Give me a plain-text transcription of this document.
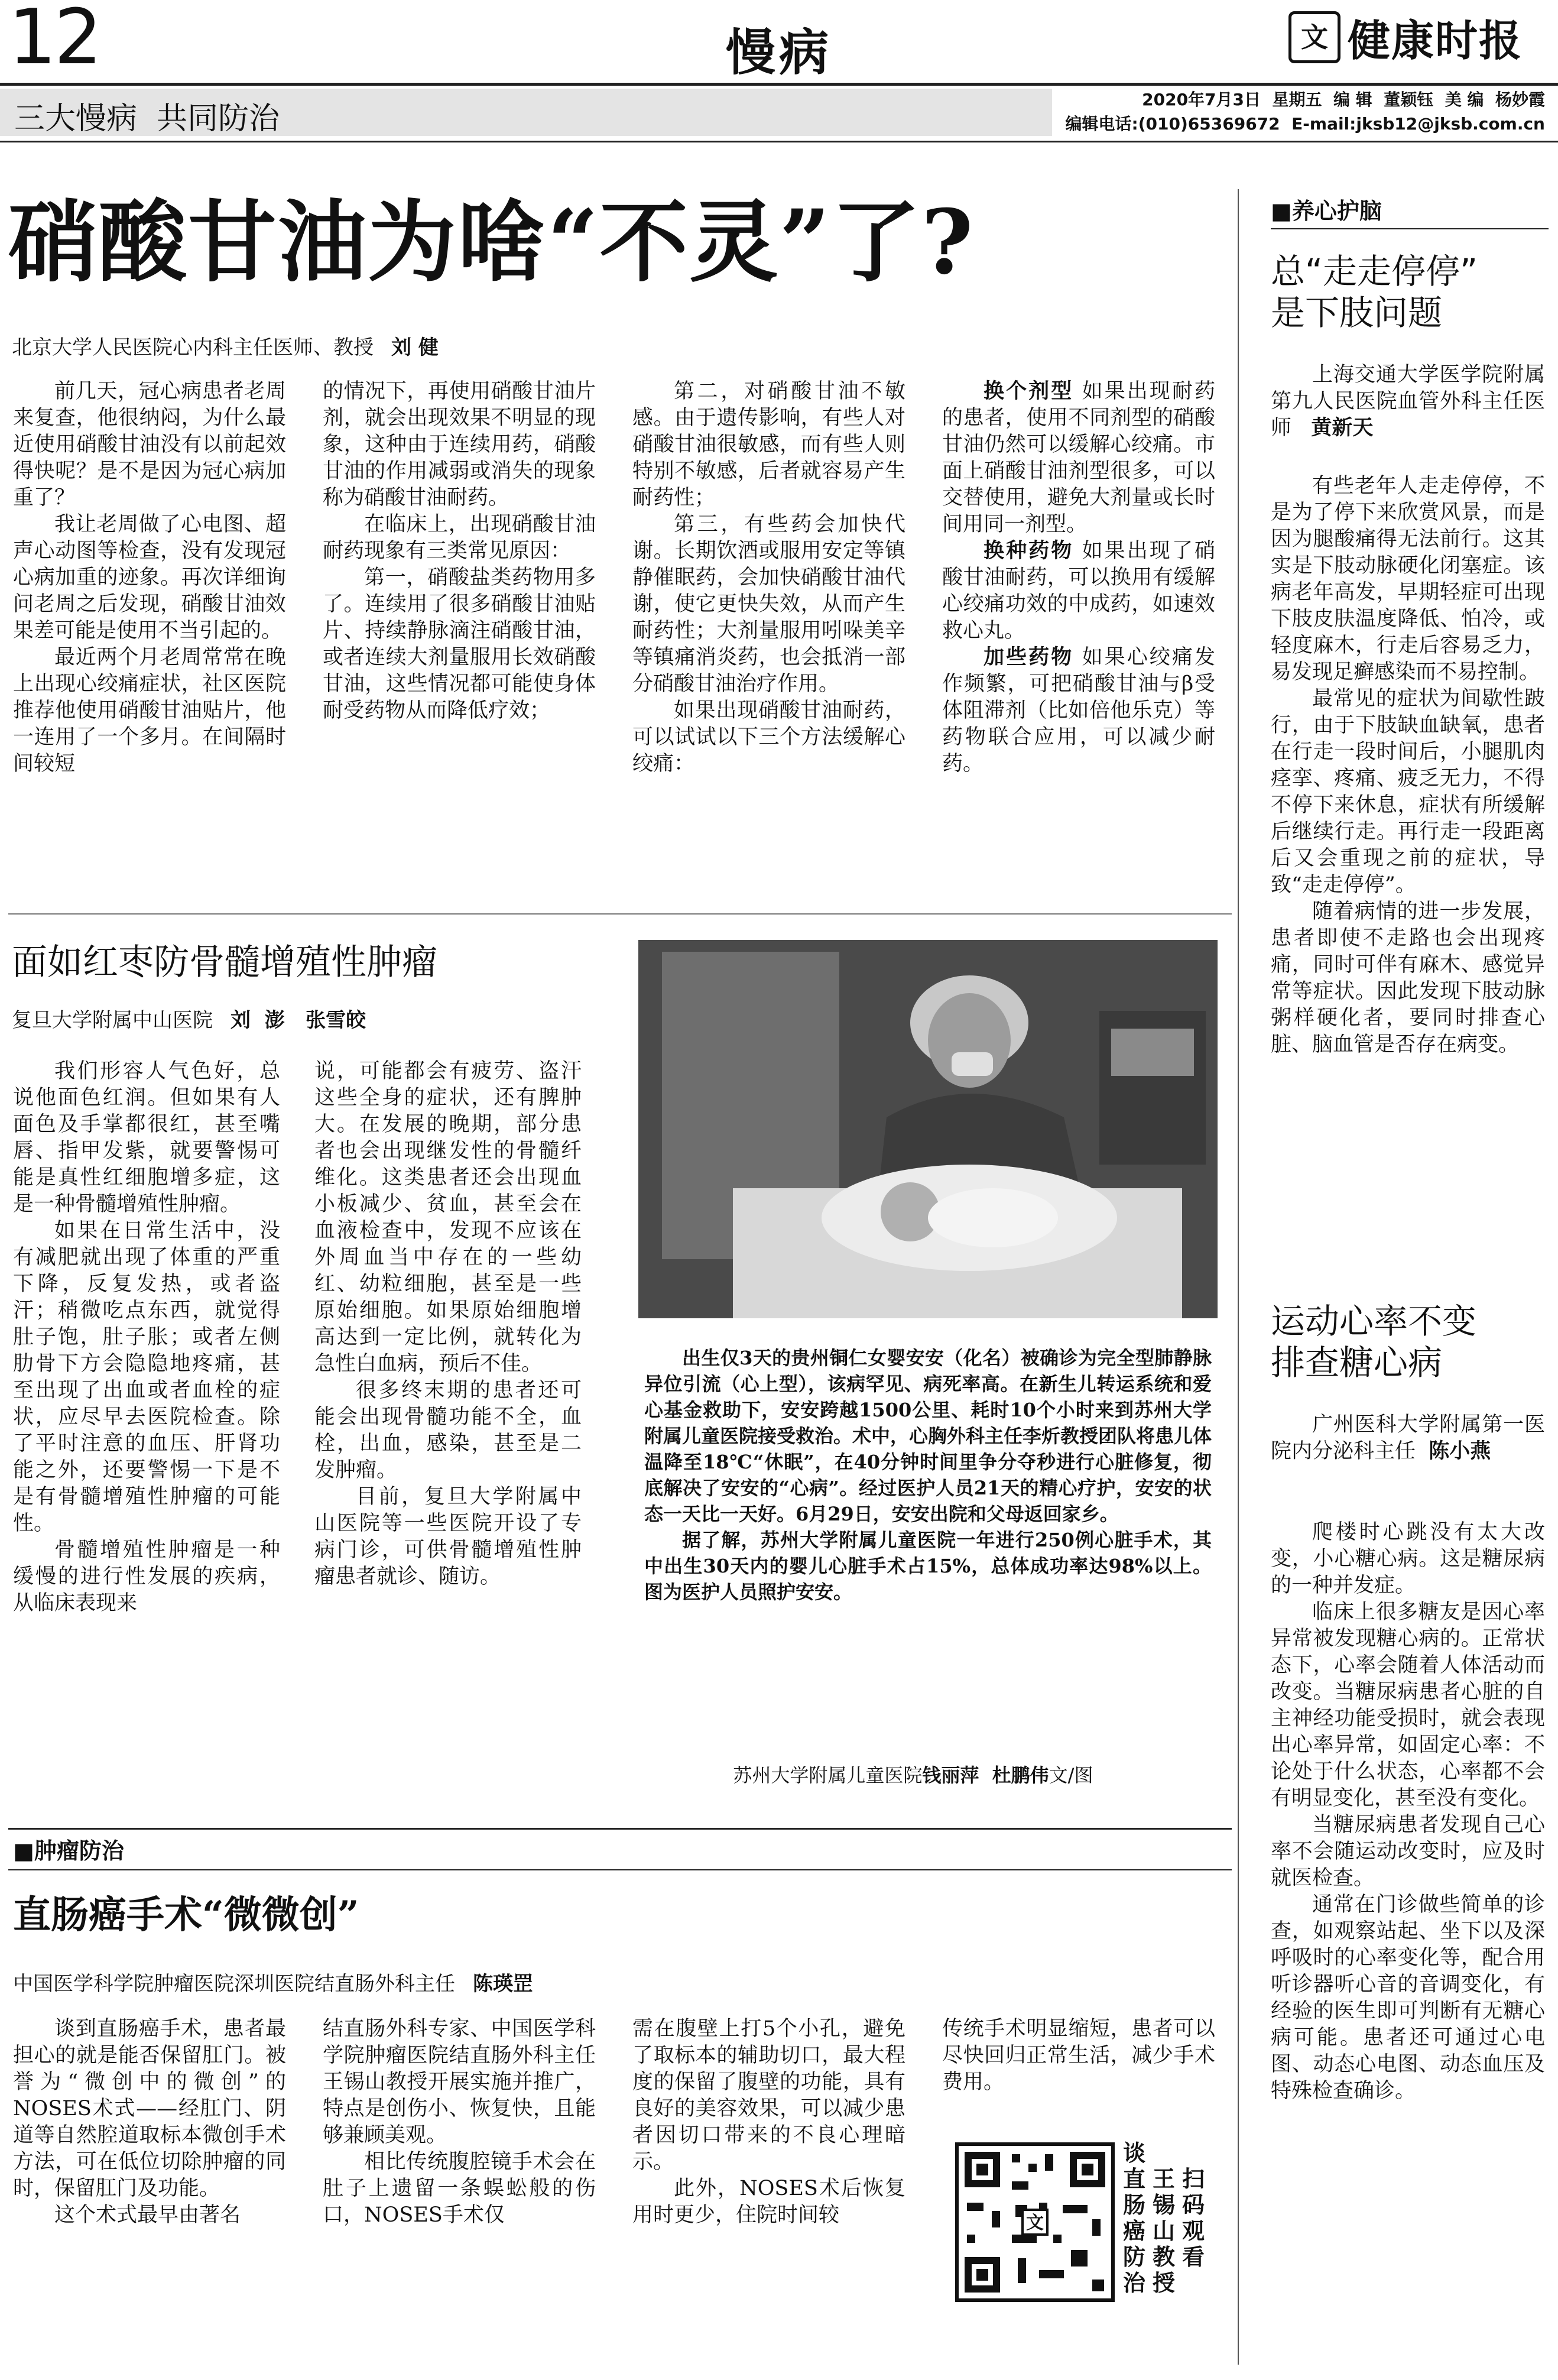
12	慢病	文 健康时报
三大慢病  共同防治
2020年7月3日  星期五  编 辑  董颖钰  美 编  杨妙霞
编辑电话:(010)65369672  E-mail:jksb12@jksb.com.cn
硝酸甘油为啥“不灵”了?
北京大学人民医院心内科主任医师、教授 刘 健

前几天，冠心病患者老周来复查，他很纳闷，为什么最近使用硝酸甘油没有以前起效得快呢？是不是因为冠心病加重了？

我让老周做了心电图、超声心动图等检查，没有发现冠心病加重的迹象。再次详细询问老周之后发现，硝酸甘油效果差可能是使用不当引起的。

最近两个月老周常常在晚上出现心绞痛症状，社区医院推荐他使用硝酸甘油贴片，他一连用了一个多月。在间隔时间较短

的情况下，再使用硝酸甘油片剂，就会出现效果不明显的现象，这种由于连续用药，硝酸甘油的作用减弱或消失的现象称为硝酸甘油耐药。

在临床上，出现硝酸甘油耐药现象有三类常见原因：

第一，硝酸盐类药物用多了。连续用了很多硝酸甘油贴片、持续静脉滴注硝酸甘油，或者连续大剂量服用长效硝酸甘油，这些情况都可能使身体耐受药物从而降低疗效；

第二，对硝酸甘油不敏感。由于遗传影响，有些人对硝酸甘油很敏感，而有些人则特别不敏感，后者就容易产生耐药性；

第三，有些药会加快代谢。长期饮酒或服用安定等镇静催眠药，会加快硝酸甘油代谢，使它更快失效，从而产生耐药性；大剂量服用吲哚美辛等镇痛消炎药，也会抵消一部分硝酸甘油治疗作用。

如果出现硝酸甘油耐药，可以试试以下三个方法缓解心绞痛：

换个剂型 如果出现耐药的患者，使用不同剂型的硝酸甘油仍然可以缓解心绞痛。市面上硝酸甘油剂型很多，可以交替使用，避免大剂量或长时间用同一剂型。

换种药物 如果出现了硝酸甘油耐药，可以换用有缓解心绞痛功效的中成药，如速效救心丸。

加些药物 如果心绞痛发作频繁，可把硝酸甘油与β受体阻滞剂（比如倍他乐克）等药物联合应用，可以减少耐药。

■养心护脑
总“走走停停”
是下肢问题

上海交通大学医学院附属第九人民医院血管外科主任医师 黄新天

有些老年人走走停停，不是为了停下来欣赏风景，而是因为腿酸痛得无法前行。这其实是下肢动脉硬化闭塞症。该病老年高发，早期轻症可出现下肢皮肤温度降低、怕冷，或轻度麻木，行走后容易乏力，易发现足癣感染而不易控制。

最常见的症状为间歇性跛行，由于下肢缺血缺氧，患者在行走一段时间后，小腿肌肉痉挛、疼痛、疲乏无力，不得不停下来休息，症状有所缓解后继续行走。再行走一段距离后又会重现之前的症状，导致“走走停停”。

随着病情的进一步发展，患者即使不走路也会出现疼痛，同时可伴有麻木、感觉异常等症状。因此发现下肢动脉粥样硬化者，要同时排查心脏、脑血管是否存在病变。

运动心率不变
排查糖心病

广州医科大学附属第一医院内分泌科主任 陈小燕

爬楼时心跳没有太大改变，小心糖心病。这是糖尿病的一种并发症。

临床上很多糖友是因心率异常被发现糖心病的。正常状态下，心率会随着人体活动而改变。当糖尿病患者心脏的自主神经功能受损时，就会表现出心率异常，如固定心率：不论处于什么状态，心率都不会有明显变化，甚至没有变化。

当糖尿病患者发现自己心率不会随运动改变时，应及时就医检查。

通常在门诊做些简单的诊查，如观察站起、坐下以及深呼吸时的心率变化等，配合用听诊器听心音的音调变化，有经验的医生即可判断有无糖心病可能。患者还可通过心电图、动态心电图、动态血压及特殊检查确诊。

面如红枣防骨髓增殖性肿瘤
复旦大学附属中山医院 刘  澎   张雪皎

我们形容人气色好，总说他面色红润。但如果有人面色及手掌都很红，甚至嘴唇、指甲发紫，就要警惕可能是真性红细胞增多症，这是一种骨髓增殖性肿瘤。

如果在日常生活中，没有减肥就出现了体重的严重下降，反复发热，或者盗汗；稍微吃点东西，就觉得肚子饱，肚子胀；或者左侧肋骨下方会隐隐地疼痛，甚至出现了出血或者血栓的症状，应尽早去医院检查。除了平时注意的血压、肝肾功能之外，还要警惕一下是不是有骨髓增殖性肿瘤的可能性。

骨髓增殖性肿瘤是一种缓慢的进行性发展的疾病，从临床表现来

说，可能都会有疲劳、盗汗这些全身的症状，还有脾肿大。在发展的晚期，部分患者也会出现继发性的骨髓纤维化。这类患者还会出现血小板减少、贫血，甚至会在血液检查中，发现不应该在外周血当中存在的一些幼红、幼粒细胞，甚至是一些原始细胞。如果原始细胞增高达到一定比例，就转化为急性白血病，预后不佳。

很多终末期的患者还可能会出现骨髓功能不全，血栓，出血，感染，甚至是二发肿瘤。

目前，复旦大学附属中山医院等一些医院开设了专病门诊，可供骨髓增殖性肿瘤患者就诊、随访。

出生仅3天的贵州铜仁女婴安安（化名）被确诊为完全型肺静脉异位引流（心上型），该病罕见、病死率高。在新生儿转运系统和爱心基金救助下，安安跨越1500公里、耗时10个小时来到苏州大学附属儿童医院接受救治。术中，心胸外科主任李炘教授团队将患儿体温降至18℃“休眠”，在40分钟时间里争分夺秒进行心脏修复，彻底解决了安安的“心病”。经过医护人员21天的精心疗护，安安的状态一天比一天好。6月29日，安安出院和父母返回家乡。

据了解，苏州大学附属儿童医院一年进行250例心脏手术，其中出生30天内的婴儿心脏手术占15%，总体成功率达98%以上。图为医护人员照护安安。

苏州大学附属儿童医院钱丽萍  杜鹏伟文/图

■肿瘤防治
直肠癌手术“微微创”
中国医学科学院肿瘤医院深圳医院结直肠外科主任 陈瑛罡

谈到直肠癌手术，患者最担心的就是能否保留肛门。被誉为“微创中的微创”的NOSES术式——经肛门、阴道等自然腔道取标本微创手术方法，可在低位切除肿瘤的同时，保留肛门及功能。

这个术式最早由著名

结直肠外科专家、中国医学科学院肿瘤医院结直肠外科主任王锡山教授开展实施并推广，特点是创伤小、恢复快，且能够兼顾美观。

相比传统腹腔镜手术会在肚子上遗留一条蜈蚣般的伤口，NOSES手术仅

需在腹壁上打5个小孔，避免了取标本的辅助切口，最大程度的保留了腹壁的功能，具有良好的美容效果，可以减少患者因切口带来的不良心理暗示。

此外，NOSES术后恢复用时更少，住院时间较

传统手术明显缩短，患者可以尽快回归正常生活，减少手术费用。

文
谈直肠癌防治
王锡山教授
扫码观看
